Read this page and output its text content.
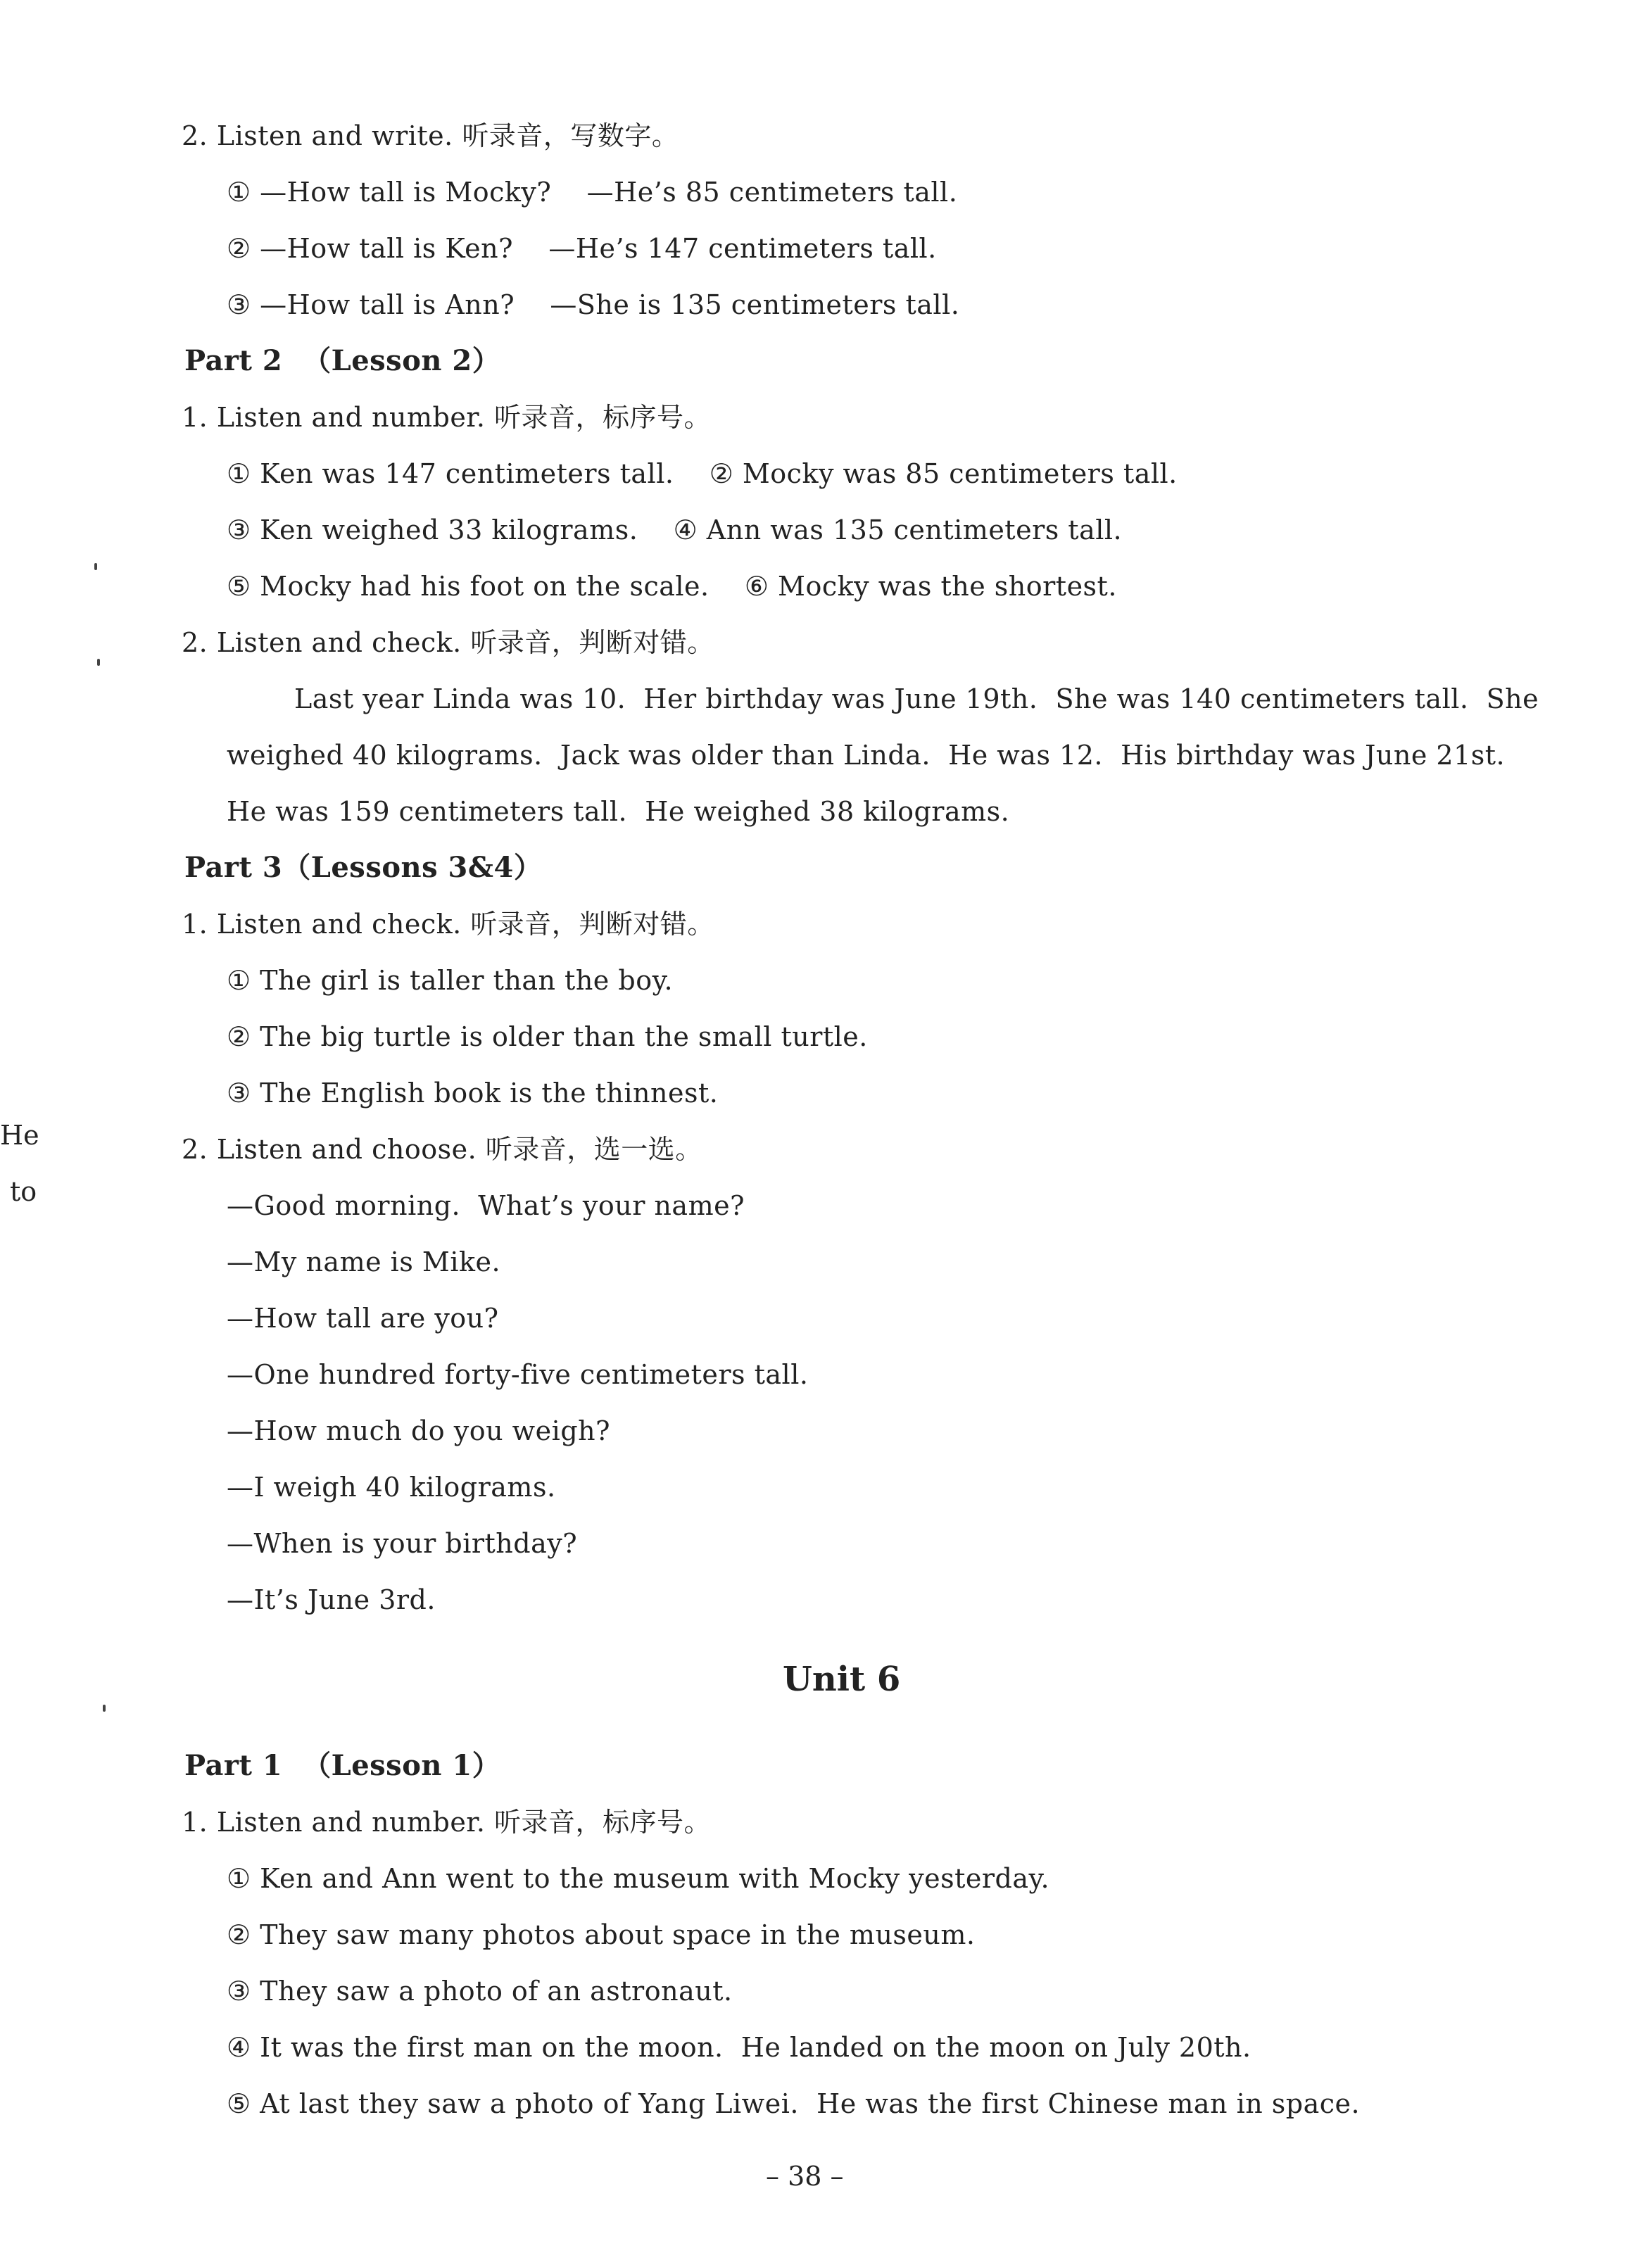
He
to
2. Listen and write. 听录音，写数字。
① —How tall is Mocky?    —He’s 85 centimeters tall.
② —How tall is Ken?    —He’s 147 centimeters tall.
③ —How tall is Ann?    —She is 135 centimeters tall.
Part 2  （Lesson 2）
1. Listen and number. 听录音，标序号。
① Ken was 147 centimeters tall.    ② Mocky was 85 centimeters tall.
③ Ken weighed 33 kilograms.    ④ Ann was 135 centimeters tall.
⑤ Mocky had his foot on the scale.    ⑥ Mocky was the shortest.
2. Listen and check. 听录音，判断对错。
Last year Linda was 10.  Her birthday was June 19th.  She was 140 centimeters tall.  She
weighed 40 kilograms.  Jack was older than Linda.  He was 12.  His birthday was June 21st.
He was 159 centimeters tall.  He weighed 38 kilograms.
Part 3（Lessons 3&4）
1. Listen and check. 听录音，判断对错。
① The girl is taller than the boy.
② The big turtle is older than the small turtle.
③ The English book is the thinnest.
2. Listen and choose. 听录音，选一选。
—Good morning.  What’s your name?
—My name is Mike.
—How tall are you?
—One hundred forty-five centimeters tall.
—How much do you weigh?
—I weigh 40 kilograms.
—When is your birthday?
—It’s June 3rd.
Unit 6
Part 1  （Lesson 1）
1. Listen and number. 听录音，标序号。
① Ken and Ann went to the museum with Mocky yesterday.
② They saw many photos about space in the museum.
③ They saw a photo of an astronaut.
④ It was the first man on the moon.  He landed on the moon on July 20th.
⑤ At last they saw a photo of Yang Liwei.  He was the first Chinese man in space.
– 38 –
